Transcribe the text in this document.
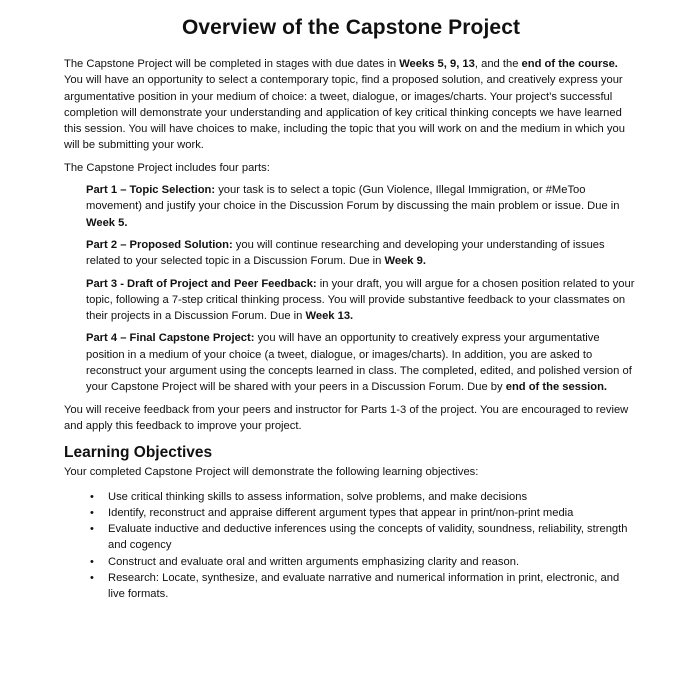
Overview of the Capstone Project

The Capstone Project will be completed in stages with due dates in Weeks 5, 9, 13, and the end of the course. You will have an opportunity to select a contemporary topic, find a proposed solution, and creatively express your argumentative position in your medium of choice: a tweet, dialogue, or images/charts. Your project’s successful completion will demonstrate your understanding and application of key critical thinking concepts we have learned this session. You will have choices to make, including the topic that you will work on and the medium in which you will be submitting your work.

The Capstone Project includes four parts:

Part 1 – Topic Selection: your task is to select a topic (Gun Violence, Illegal Immigration, or #MeToo movement) and justify your choice in the Discussion Forum by discussing the main problem or issue. Due in Week 5.

Part 2 – Proposed Solution: you will continue researching and developing your understanding of issues related to your selected topic in a Discussion Forum. Due in Week 9.

Part 3 - Draft of Project and Peer Feedback: in your draft, you will argue for a chosen position related to your topic, following a 7-step critical thinking process. You will provide substantive feedback to your classmates on their projects in a Discussion Forum. Due in Week 13.

Part 4 – Final Capstone Project: you will have an opportunity to creatively express your argumentative position in a medium of your choice (a tweet, dialogue, or images/charts). In addition, you are asked to reconstruct your argument using the concepts learned in class. The completed, edited, and polished version of your Capstone Project will be shared with your peers in a Discussion Forum. Due by end of the session.

You will receive feedback from your peers and instructor for Parts 1-3 of the project. You are encouraged to review and apply this feedback to improve your project.

Learning Objectives

Your completed Capstone Project will demonstrate the following learning objectives:

• Use critical thinking skills to assess information, solve problems, and make decisions
• Identify, reconstruct and appraise different argument types that appear in print/non-print media
• Evaluate inductive and deductive inferences using the concepts of validity, soundness, reliability, strength and cogency
• Construct and evaluate oral and written arguments emphasizing clarity and reason.
• Research: Locate, synthesize, and evaluate narrative and numerical information in print, electronic, and live formats.
